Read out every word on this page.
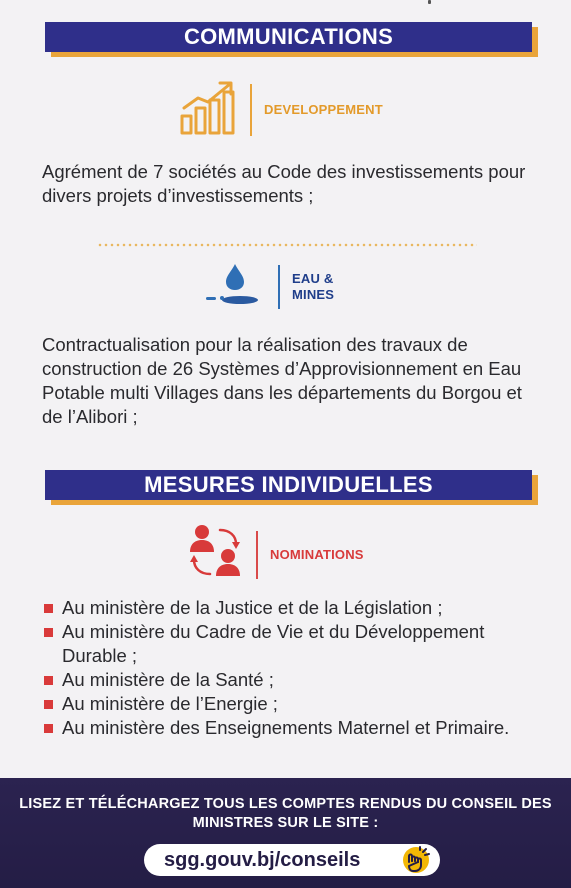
COMMUNICATIONS
DEVELOPPEMENT

Agrément de 7 sociétés au Code des investissements pour divers projets d’investissements ;

EAU & MINES

Contractualisation pour la réalisation des travaux de construction de 26 Systèmes d’Approvisionnement en Eau Potable multi Villages dans les départements du Borgou et de l’Alibori ;

MESURES INDIVIDUELLES
NOMINATIONS
Au ministère de la Justice et de la Législation ;
Au ministère du Cadre de Vie et du Développement Durable ;
Au ministère de la Santé ;
Au ministère de l’Energie ;
Au ministère des Enseignements Maternel et Primaire.
LISEZ ET TÉLÉCHARGEZ TOUS LES COMPTES RENDUS DU CONSEIL DES MINISTRES SUR LE SITE :
sgg.gouv.bj/conseils
